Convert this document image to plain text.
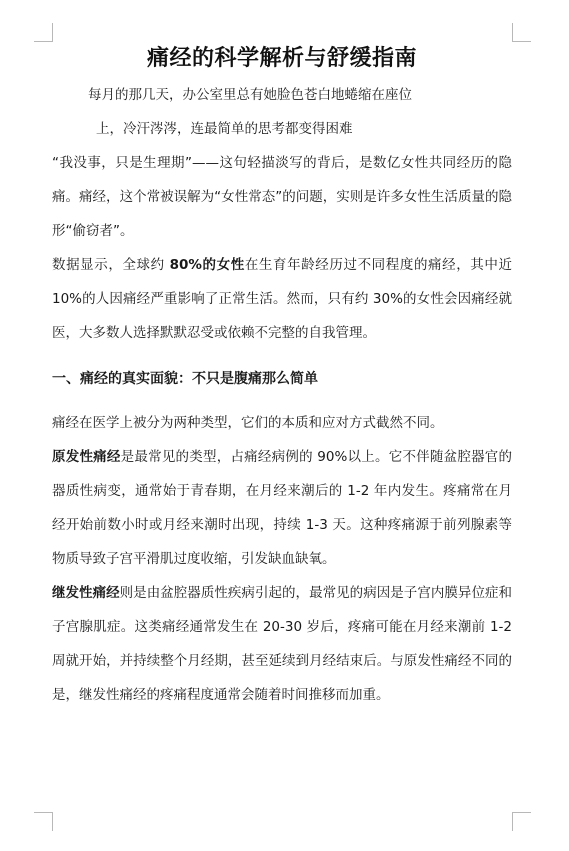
痛经的科学解析与舒缓指南
每月的那几天，办公室里总有她脸色苍白地蜷缩在座位
上，冷汗涔涔，连最简单的思考都变得困难

“我没事，只是生理期”——这句轻描淡写的背后，是数亿女性共同经历的隐痛。痛经，这个常被误解为“女性常态”的问题，实则是许多女性生活质量的隐形“偷窃者”。

数据显示，全球约 80%的女性在生育年龄经历过不同程度的痛经，其中近 10%的人因痛经严重影响了正常生活。然而，只有约 30%的女性会因痛经就医，大多数人选择默默忍受或依赖不完整的自我管理。

一、痛经的真实面貌：不只是腹痛那么简单

痛经在医学上被分为两种类型，它们的本质和应对方式截然不同。

原发性痛经是最常见的类型，占痛经病例的 90%以上。它不伴随盆腔器官的器质性病变，通常始于青春期，在月经来潮后的 1-2 年内发生。疼痛常在月经开始前数小时或月经来潮时出现，持续 1-3 天。这种疼痛源于前列腺素等物质导致子宫平滑肌过度收缩，引发缺血缺氧。

继发性痛经则是由盆腔器质性疾病引起的，最常见的病因是子宫内膜异位症和子宫腺肌症。这类痛经通常发生在 20-30 岁后，疼痛可能在月经来潮前 1-2 周就开始，并持续整个月经期，甚至延续到月经结束后。与原发性痛经不同的是，继发性痛经的疼痛程度通常会随着时间推移而加重。
